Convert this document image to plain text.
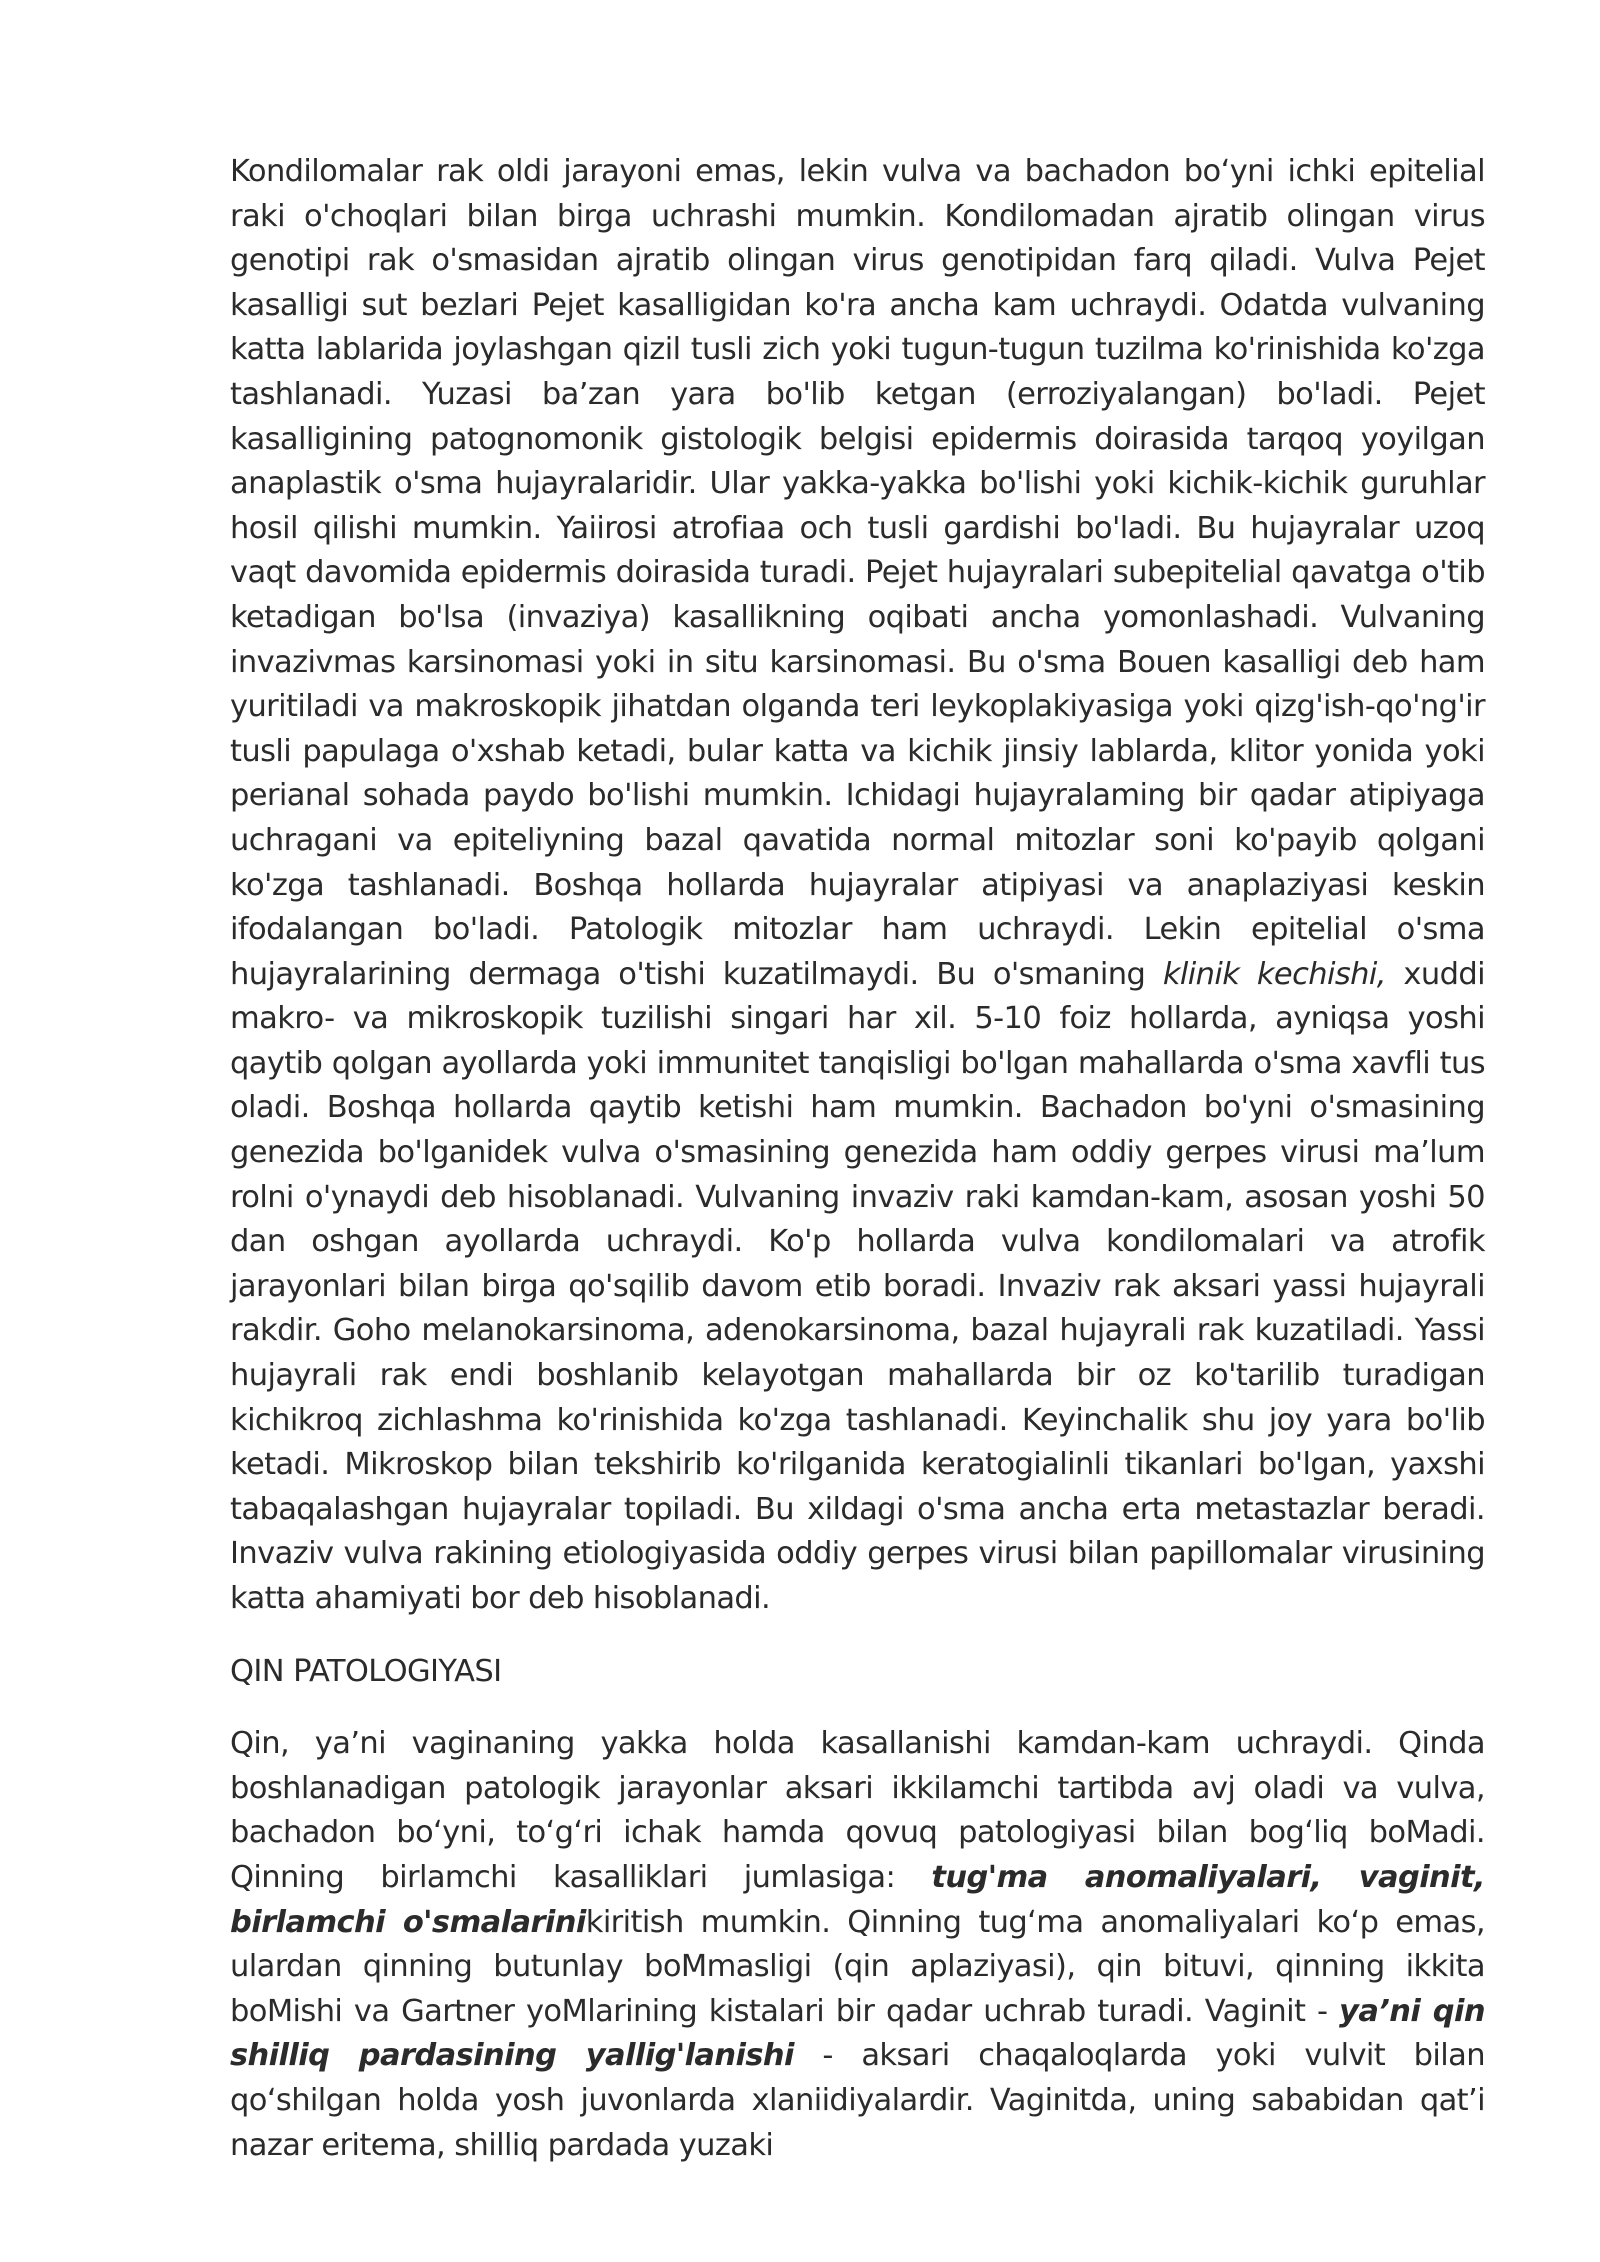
Kondilomalar rak oldi jarayoni emas, lekin vulva va bachadon bo‘yni ichki epitelial raki o'choqlari bilan birga uchrashi mumkin. Kondilomadan ajratib olingan virus genotipi rak o'smasidan ajratib olingan virus genotipidan farq qiladi. Vulva Pejet kasalligi sut bezlari Pejet kasalligidan ko'ra ancha kam uchraydi. Odatda vulvaning katta lablarida joylashgan qizil tusli zich yoki tugun-tugun tuzilma ko'rinishida ko'zga tashlanadi. Yuzasi ba’zan yara bo'lib ketgan (erroziyalangan) bo'ladi. Pejet kasalligining patognomonik gistologik belgisi epidermis doirasida tarqoq yoyilgan anaplastik o'sma hujayralaridir. Ular yakka-yakka bo'lishi yoki kichik-kichik guruhlar hosil qilishi mumkin. Yaiirosi atrofiaa och tusli gardishi bo'ladi. Bu hujayralar uzoq vaqt davomida epidermis doirasida turadi. Pejet hujayralari subepitelial qavatga o'tib ketadigan bo'lsa (invaziya) kasallikning oqibati ancha yomonlashadi. Vulvaning invazivmas karsinomasi yoki in situ karsinomasi. Bu o'sma Bouen kasalligi deb ham yuritiladi va makroskopik jihatdan olganda teri leykoplakiyasiga yoki qizg'ish-qo'ng'ir tusli papulaga o'xshab ketadi, bular katta va kichik jinsiy lablarda, klitor yonida yoki perianal sohada paydo bo'lishi mumkin. Ichidagi hujayralaming bir qadar atipiyaga uchragani va epiteliyning bazal qavatida normal mitozlar soni ko'payib qolgani ko'zga tashlanadi. Boshqa hollarda hujayralar atipiyasi va anaplaziyasi keskin ifodalangan bo'ladi. Patologik mitozlar ham uchraydi. Lekin epitelial o'sma hujayralarining dermaga o'tishi kuzatilmaydi. Bu o'smaning klinik kechishi, xuddi makro- va mikroskopik tuzilishi singari har xil. 5-10 foiz hollarda, ayniqsa yoshi qaytib qolgan ayollarda yoki immunitet tanqisligi bo'lgan mahallarda o'sma xavfli tus oladi. Boshqa hollarda qaytib ketishi ham mumkin. Bachadon bo'yni o'smasining genezida bo'lganidek vulva o'smasining genezida ham oddiy gerpes virusi ma’lum rolni o'ynaydi deb hisoblanadi. Vulvaning invaziv raki kamdan-kam, asosan yoshi 50 dan oshgan ayollarda uchraydi. Ko'p hollarda vulva kondilomalari va atrofik jarayonlari bilan birga qo'sqilib davom etib boradi. Invaziv rak aksari yassi hujayrali rakdir. Goho melanokarsinoma, adenokarsinoma, bazal hujayrali rak kuzatiladi. Yassi hujayrali rak endi boshlanib kelayotgan mahallarda bir oz ko'tarilib turadigan kichikroq zichlashma ko'rinishida ko'zga tashlanadi. Keyinchalik shu joy yara bo'lib ketadi. Mikroskop bilan tekshirib ko'rilganida keratogialinli tikanlari bo'lgan, yaxshi tabaqalashgan hujayralar topiladi. Bu xildagi o'sma ancha erta metastazlar beradi. Invaziv vulva rakining etiologiyasida oddiy gerpes virusi bilan papillomalar virusining katta ahamiyati bor deb hisoblanadi.

QIN PATOLOGIYASI

Qin, ya’ni vaginaning yakka holda kasallanishi kamdan-kam uchraydi. Qinda boshlanadigan patologik jarayonlar aksari ikkilamchi tartibda avj oladi va vulva, bachadon bo‘yni, to‘g‘ri ichak hamda qovuq patologiyasi bilan bog‘liq boMadi. Qinning birlamchi kasalliklari jumlasiga: tug'ma anomaliyalari, vaginit, birlamchi o'smalarinikiritish mumkin. Qinning tug‘ma anomaliyalari ko‘p emas, ulardan qinning butunlay boMmasligi (qin aplaziyasi), qin bituvi, qinning ikkita boMishi va Gartner yoMlarining kistalari bir qadar uchrab turadi. Vaginit - ya’ni qin shilliq pardasining yallig'lanishi - aksari chaqaloqlarda yoki vulvit bilan qo‘shilgan holda yosh juvonlarda xlaniidiyalardir. Vaginitda, uning sababidan qat’i nazar eritema, shilliq pardada yuzaki
